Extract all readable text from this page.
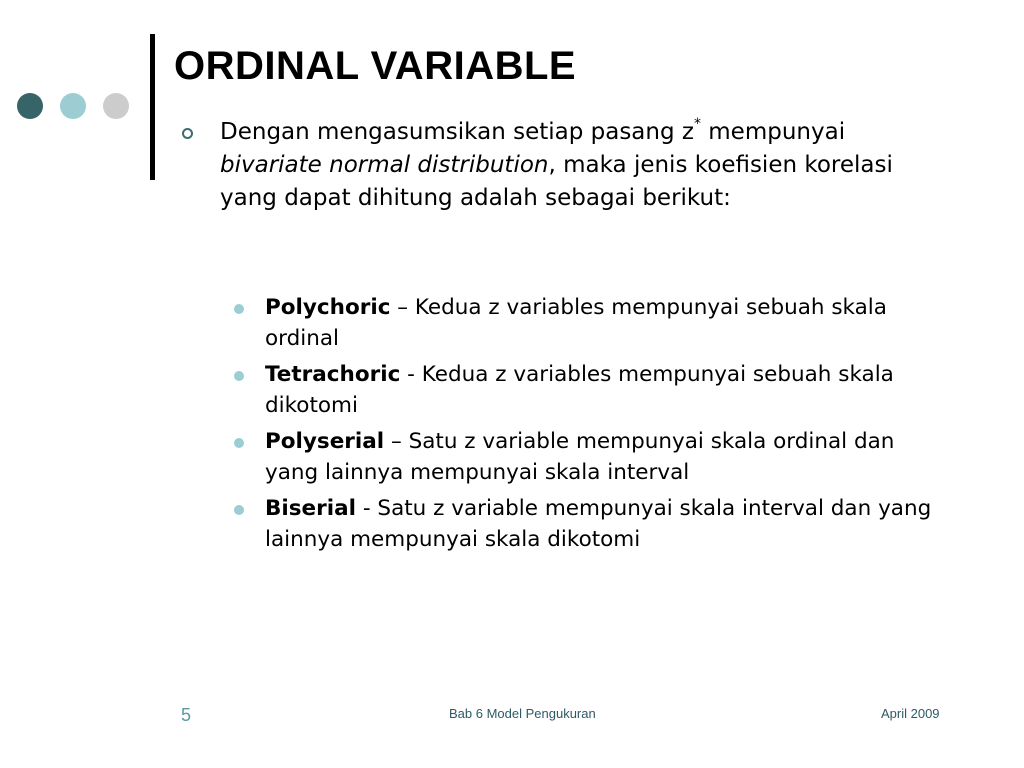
ORDINAL VARIABLE

Dengan mengasumsikan setiap pasang z* mempunyai bivariate normal distribution, maka jenis koefisien korelasi yang dapat dihitung adalah sebagai berikut:

Polychoric – Kedua z variables mempunyai sebuah skala ordinal
Tetrachoric - Kedua z variables mempunyai sebuah skala dikotomi
Polyserial – Satu z variable mempunyai skala ordinal dan yang lainnya mempunyai skala interval
Biserial - Satu z variable mempunyai skala interval dan yang lainnya mempunyai skala dikotomi
5	Bab 6 Model Pengukuran	April 2009
